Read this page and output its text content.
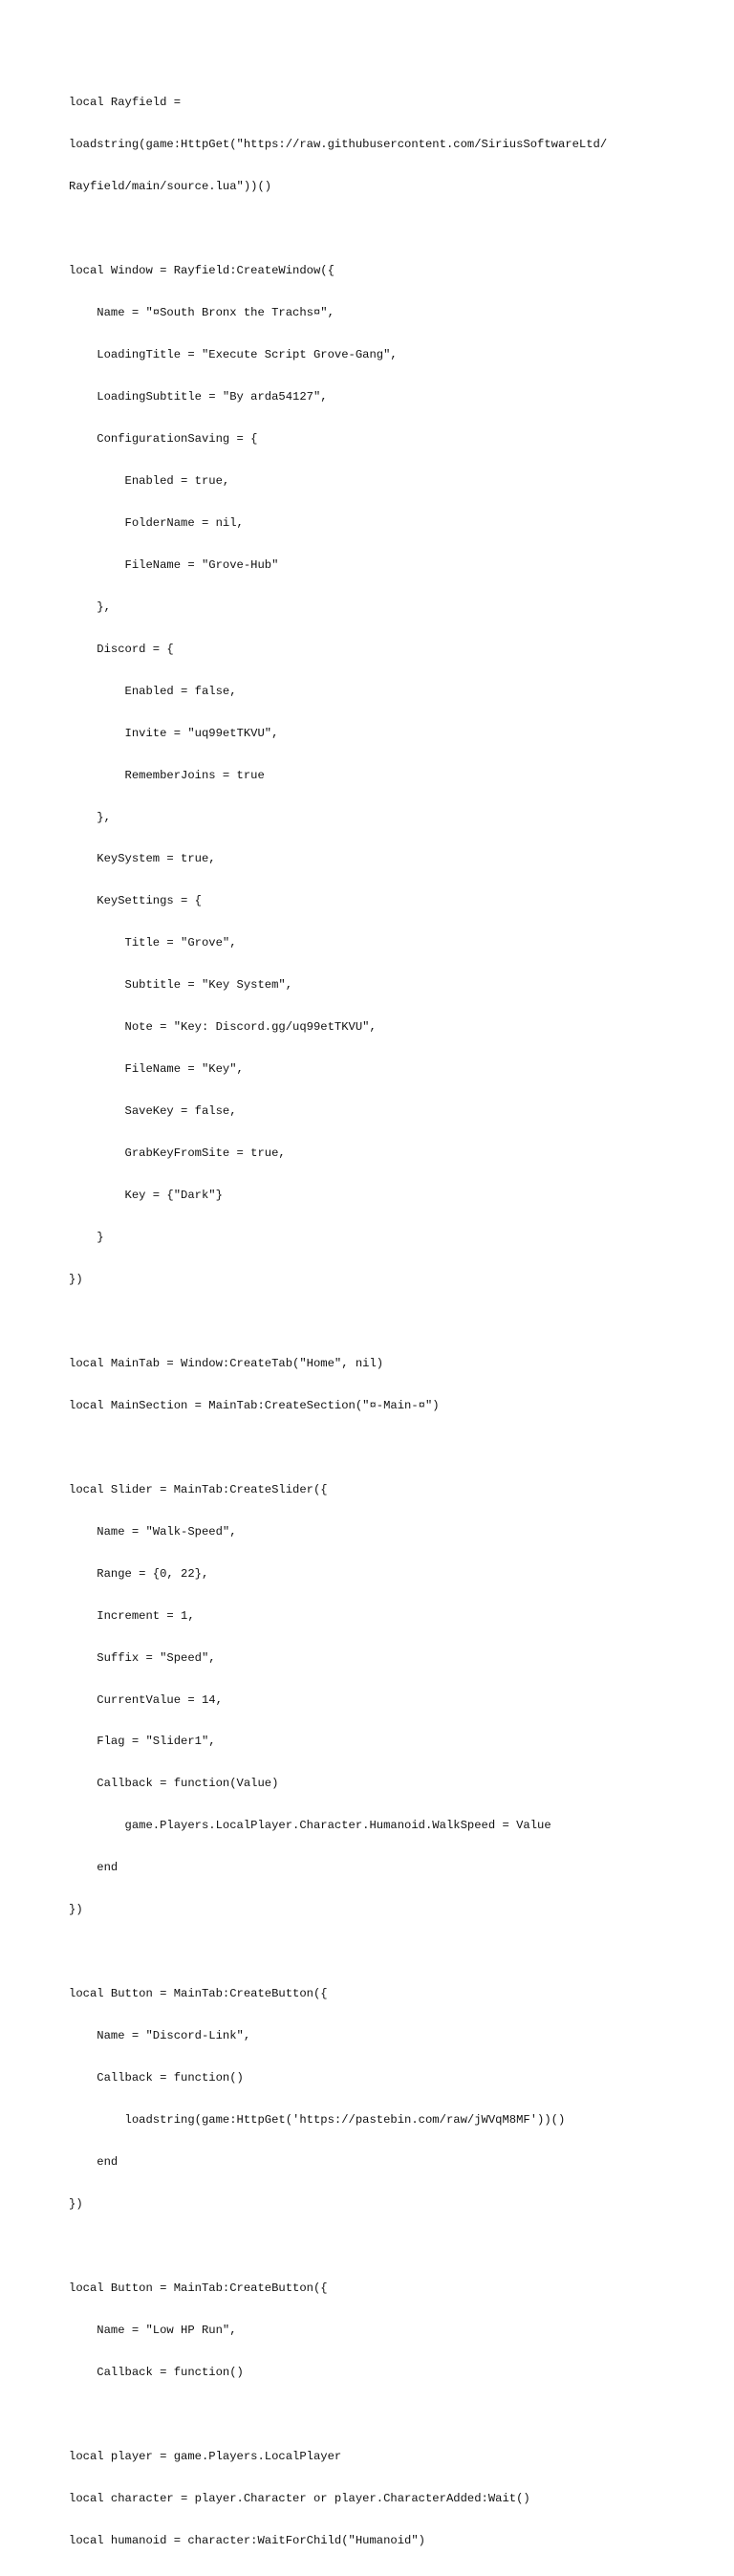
local Rayfield =

loadstring(game:HttpGet("https://raw.githubusercontent.com/SiriusSoftwareLtd/

Rayfield/main/source.lua"))()

local Window = Rayfield:CreateWindow({

Name = "¤South Bronx the Trachs¤",

LoadingTitle = "Execute Script Grove-Gang",

LoadingSubtitle = "By arda54127",

ConfigurationSaving = {

Enabled = true,

FolderName = nil,

FileName = "Grove-Hub"

},

Discord = {

Enabled = false,

Invite = "uq99etTKVU",

RememberJoins = true

},

KeySystem = true,

KeySettings = {

Title = "Grove",

Subtitle = "Key System",

Note = "Key: Discord.gg/uq99etTKVU",

FileName = "Key",

SaveKey = false,

GrabKeyFromSite = true,

Key = {"Dark"}

}

})

local MainTab = Window:CreateTab("Home", nil)

local MainSection = MainTab:CreateSection("¤-Main-¤")

local Slider = MainTab:CreateSlider({

Name = "Walk-Speed",

Range = {0, 22},

Increment = 1,

Suffix = "Speed",

CurrentValue = 14,

Flag = "Slider1",

Callback = function(Value)

game.Players.LocalPlayer.Character.Humanoid.WalkSpeed = Value

end

})

local Button = MainTab:CreateButton({

Name = "Discord-Link",

Callback = function()

loadstring(game:HttpGet('https://pastebin.com/raw/jWVqM8MF'))()

end

})

local Button = MainTab:CreateButton({

Name = "Low HP Run",

Callback = function()

local player = game.Players.LocalPlayer

local character = player.Character or player.CharacterAdded:Wait()

local humanoid = character:WaitForChild("Humanoid")
